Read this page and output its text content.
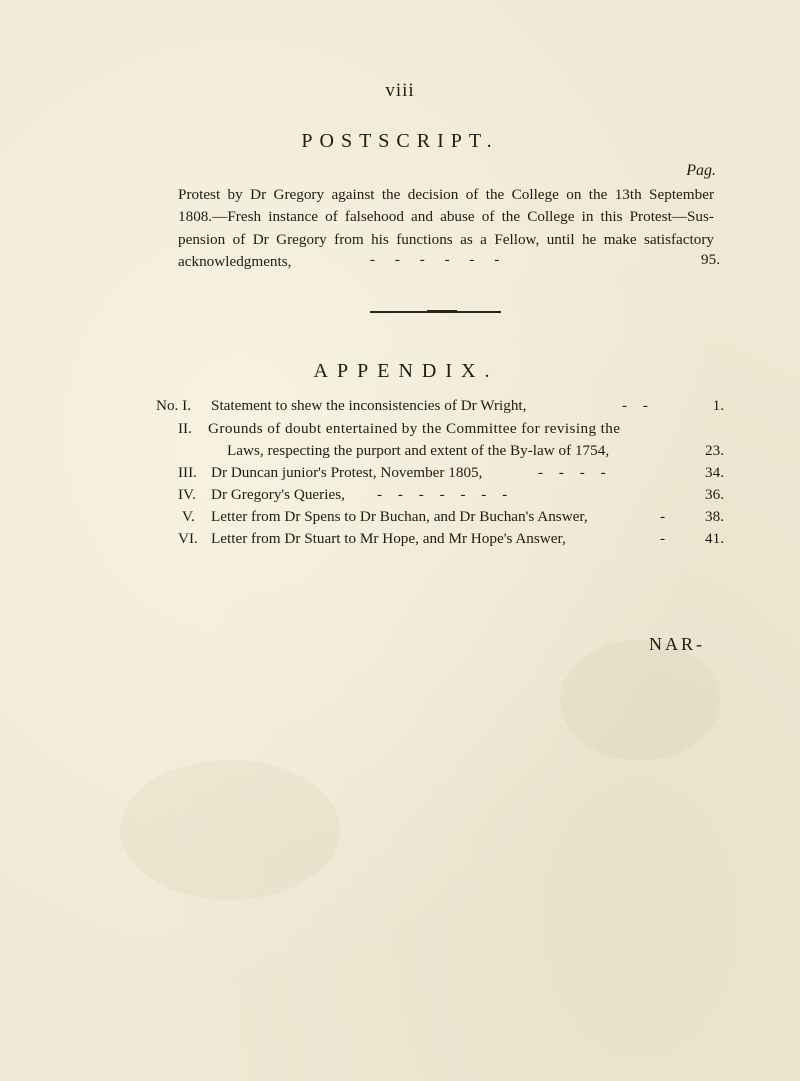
viii
POSTSCRIPT.
Pag.
Protest by Dr Gregory against the decision of the College on the 13th September
1808.—Fresh instance of falsehood and abuse of the College in this Protest—Sus-
pension of Dr Gregory from his functions as a Fellow, until he make satisfactory
acknowledgments,	- - - - - -	95.
APPENDIX.
No. I. Statement to shew the inconsistencies of Dr Wright,	- -	1.
II. Grounds of doubt entertained by the Committee for revising the
Laws, respecting the purport and extent of the By-law of 1754,	23.
III. Dr Duncan junior's Protest, November 1805,	- - - -	34.
IV. Dr Gregory's Queries, - - - - - - -	36.
V. Letter from Dr Spens to Dr Buchan, and Dr Buchan's Answer,	-	38.
VI. Letter from Dr Stuart to Mr Hope, and Mr Hope's Answer,	-	41.
NAR-
